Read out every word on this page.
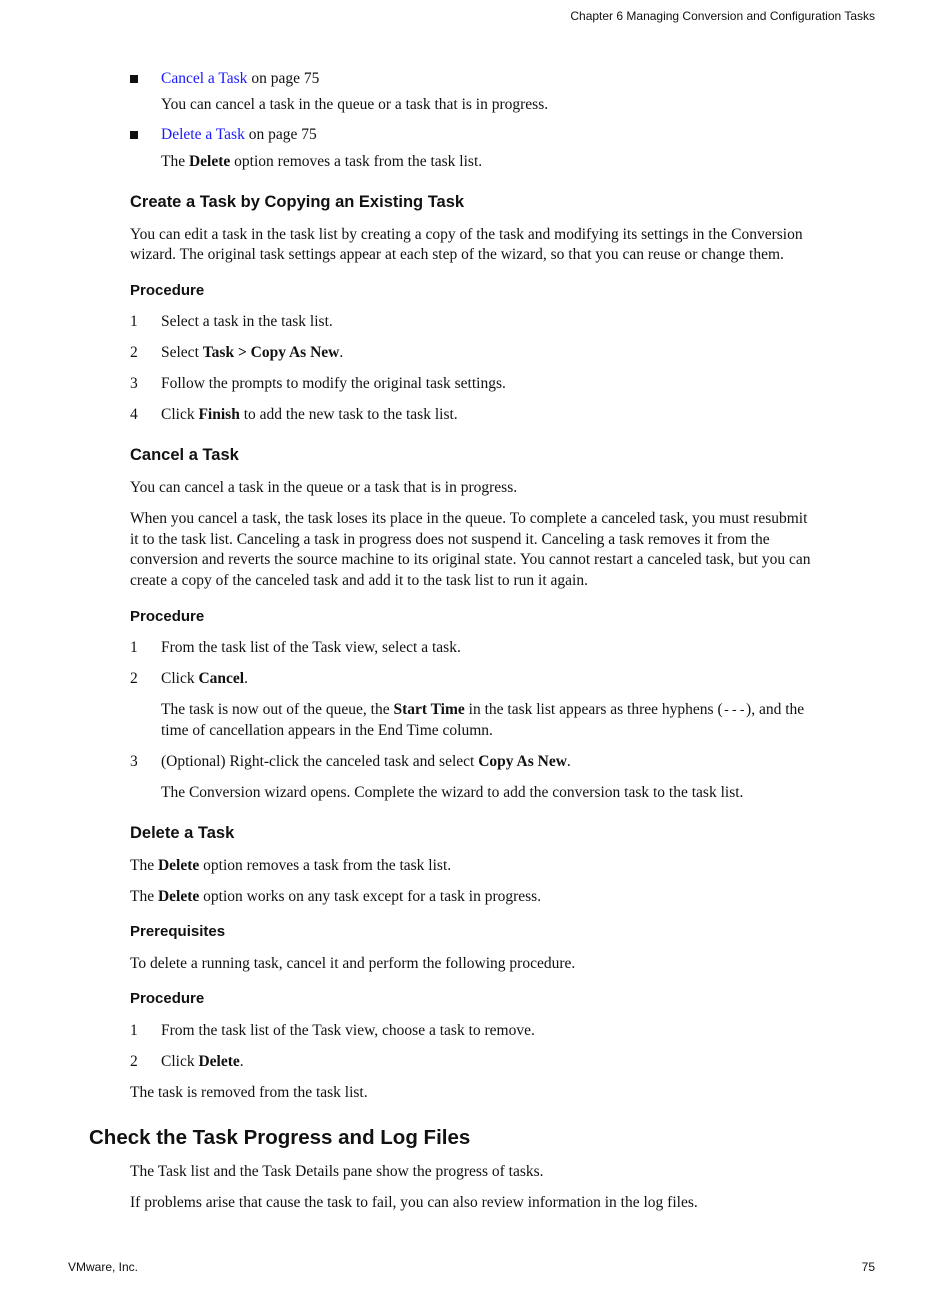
Chapter 6 Managing Conversion and Configuration Tasks
Cancel a Task on page 75
You can cancel a task in the queue or a task that is in progress.
Delete a Task on page 75
The Delete option removes a task from the task list.
Create a Task by Copying an Existing Task
You can edit a task in the task list by creating a copy of the task and modifying its settings in the Conversion
wizard. The original task settings appear at each step of the wizard, so that you can reuse or change them.
Procedure
1 Select a task in the task list.
2 Select Task > Copy As New.
3 Follow the prompts to modify the original task settings.
4 Click Finish to add the new task to the task list.
Cancel a Task
You can cancel a task in the queue or a task that is in progress.
When you cancel a task, the task loses its place in the queue. To complete a canceled task, you must resubmit
it to the task list. Canceling a task in progress does not suspend it. Canceling a task removes it from the
conversion and reverts the source machine to its original state. You cannot restart a canceled task, but you can
create a copy of the canceled task and add it to the task list to run it again.
Procedure
1 From the task list of the Task view, select a task.
2 Click Cancel.
The task is now out of the queue, the Start Time in the task list appears as three hyphens (---), and the
time of cancellation appears in the End Time column.
3 (Optional) Right-click the canceled task and select Copy As New.
The Conversion wizard opens. Complete the wizard to add the conversion task to the task list.
Delete a Task
The Delete option removes a task from the task list.
The Delete option works on any task except for a task in progress.
Prerequisites
To delete a running task, cancel it and perform the following procedure.
Procedure
1 From the task list of the Task view, choose a task to remove.
2 Click Delete.
The task is removed from the task list.
Check the Task Progress and Log Files
The Task list and the Task Details pane show the progress of tasks.
If problems arise that cause the task to fail, you can also review information in the log files.
VMware, Inc.	75
